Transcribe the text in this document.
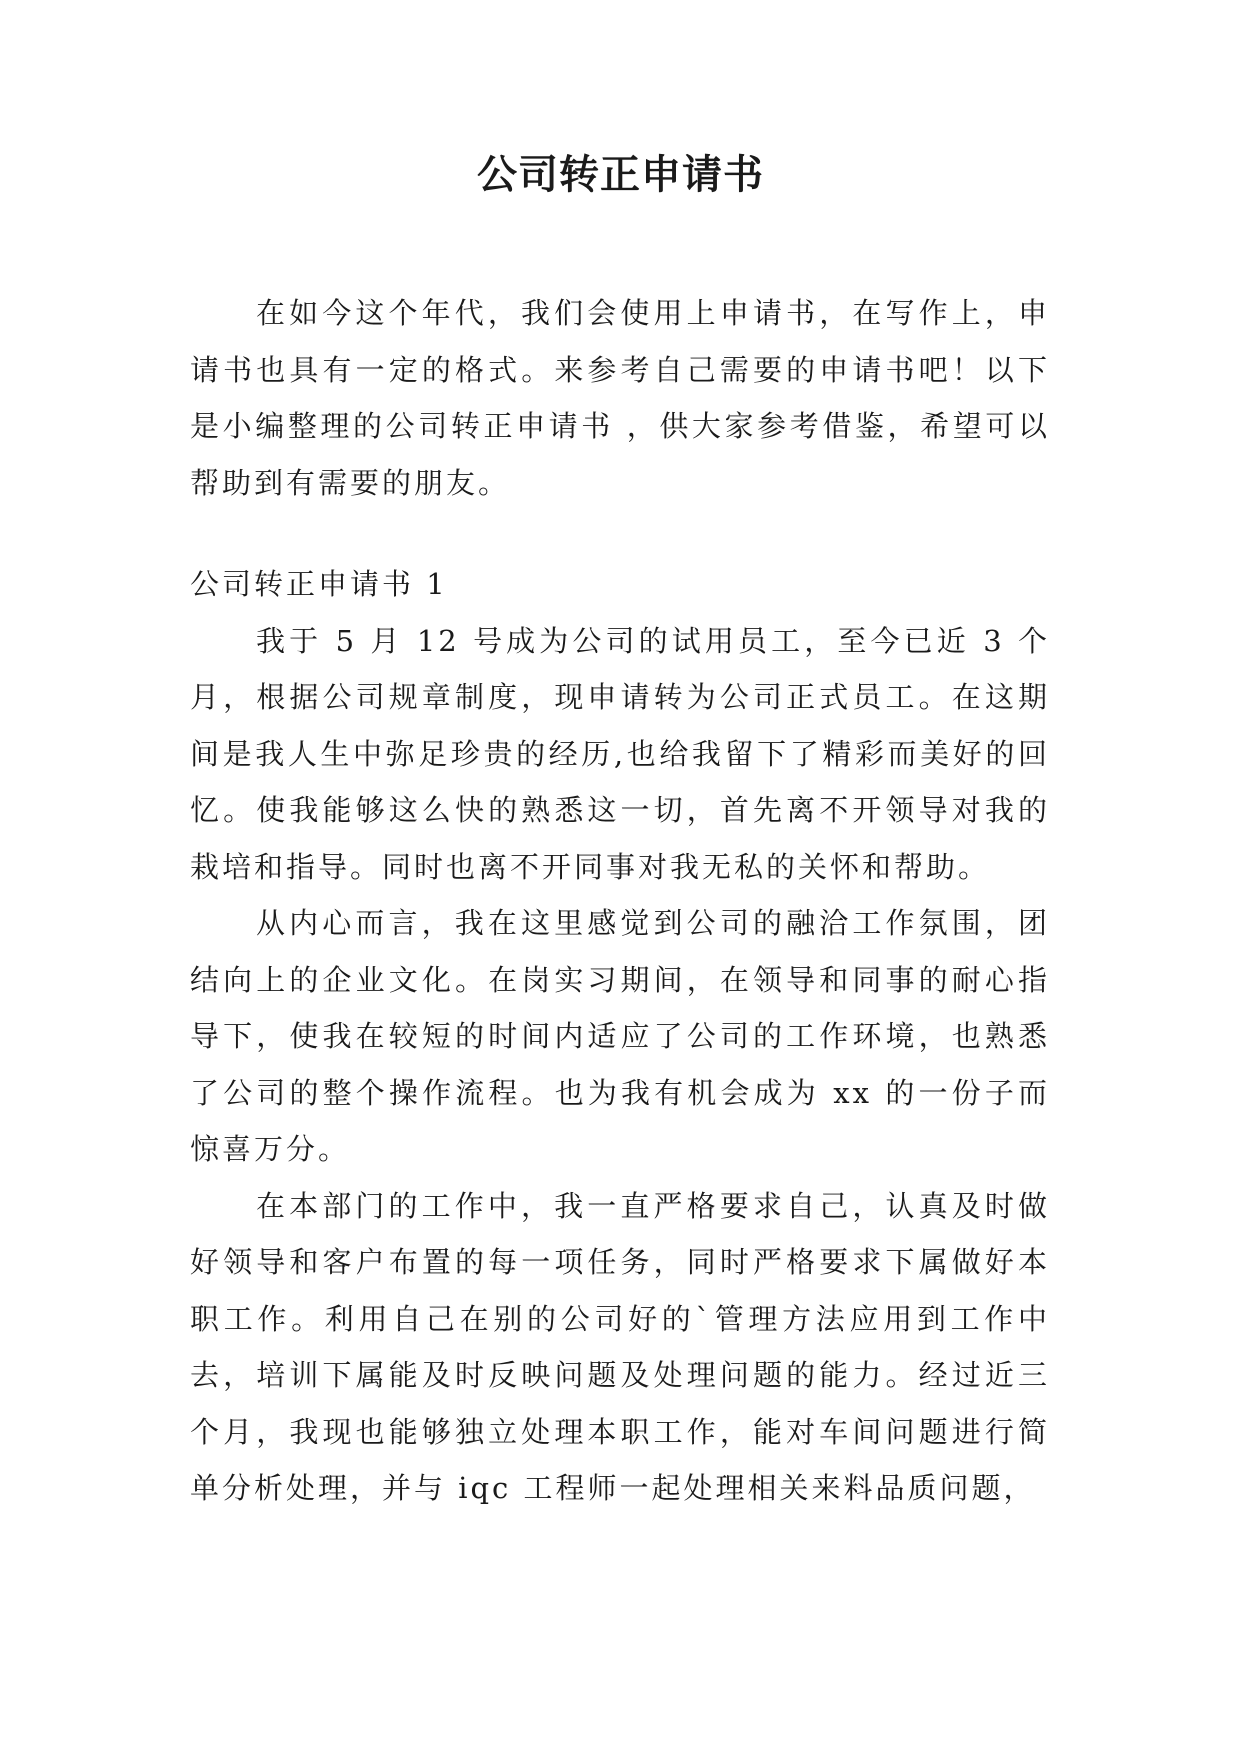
公司转正申请书

在如今这个年代，我们会使用上申请书，在写作上，申请书也具有一定的格式。来参考自己需要的申请书吧！以下是小编整理的公司转正申请书 ，供大家参考借鉴，希望可以帮助到有需要的朋友。

公司转正申请书 1

我于 5 月 12 号成为公司的试用员工，至今已近 3 个月，根据公司规章制度，现申请转为公司正式员工。在这期间是我人生中弥足珍贵的经历,也给我留下了精彩而美好的回忆。使我能够这么快的熟悉这一切，首先离不开领导对我的栽培和指导。同时也离不开同事对我无私的关怀和帮助。

从内心而言，我在这里感觉到公司的融洽工作氛围，团结向上的企业文化。在岗实习期间，在领导和同事的耐心指导下，使我在较短的时间内适应了公司的工作环境，也熟悉了公司的整个操作流程。也为我有机会成为 xx 的一份子而惊喜万分。

在本部门的工作中，我一直严格要求自己，认真及时做好领导和客户布置的每一项任务，同时严格要求下属做好本职工作。利用自己在别的公司好的`管理方法应用到工作中去，培训下属能及时反映问题及处理问题的能力。经过近三个月，我现也能够独立处理本职工作，能对车间问题进行简单分析处理，并与 iqc 工程师一起处理相关来料品质问题，
